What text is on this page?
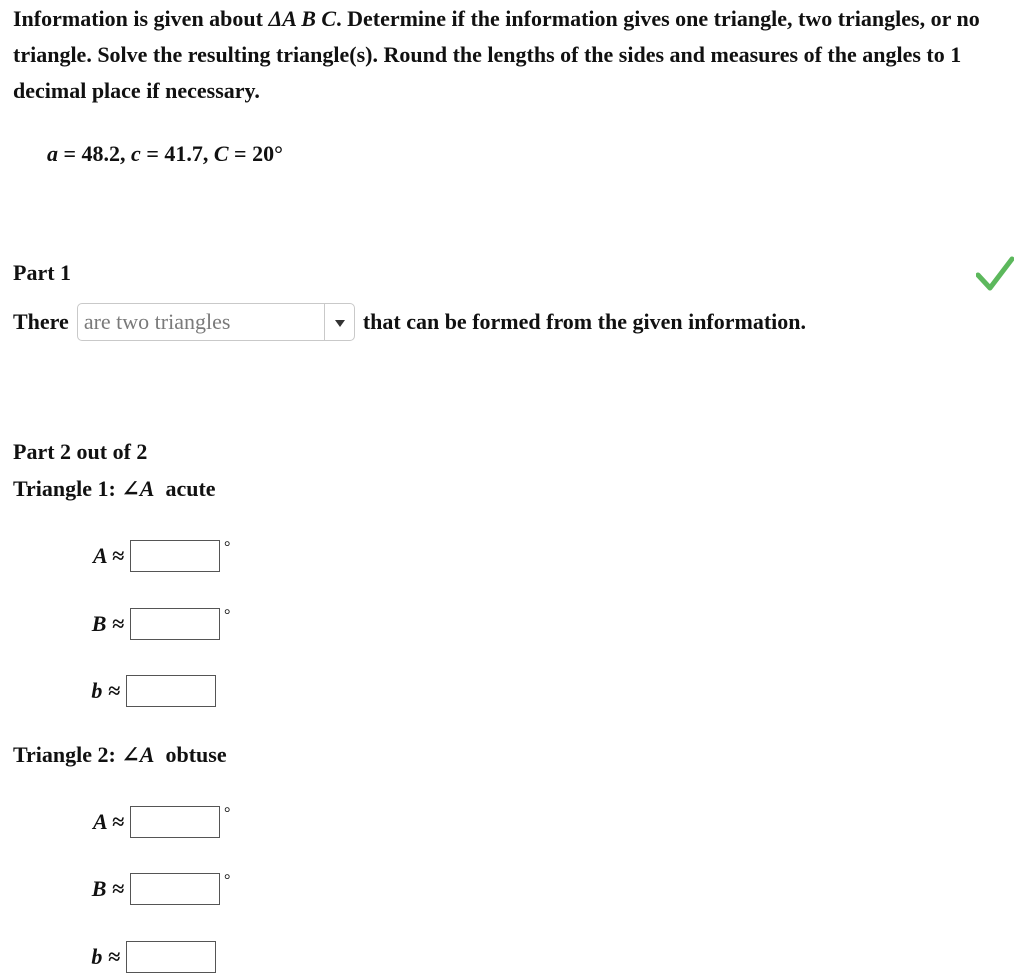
Information is given about ΔA B C. Determine if the information gives one triangle, two triangles, or no triangle. Solve the resulting triangle(s). Round the lengths of the sides and measures of the angles to 1 decimal place if necessary.
a = 48.2, c = 41.7, C = 20°
Part 1
There are two triangles	that can be formed from the given information.
Part 2 out of 2
Triangle 1: ∠A  acute
A ≈	°
B ≈	°
b ≈
Triangle 2: ∠A  obtuse
A ≈	°
B ≈	°
b ≈
